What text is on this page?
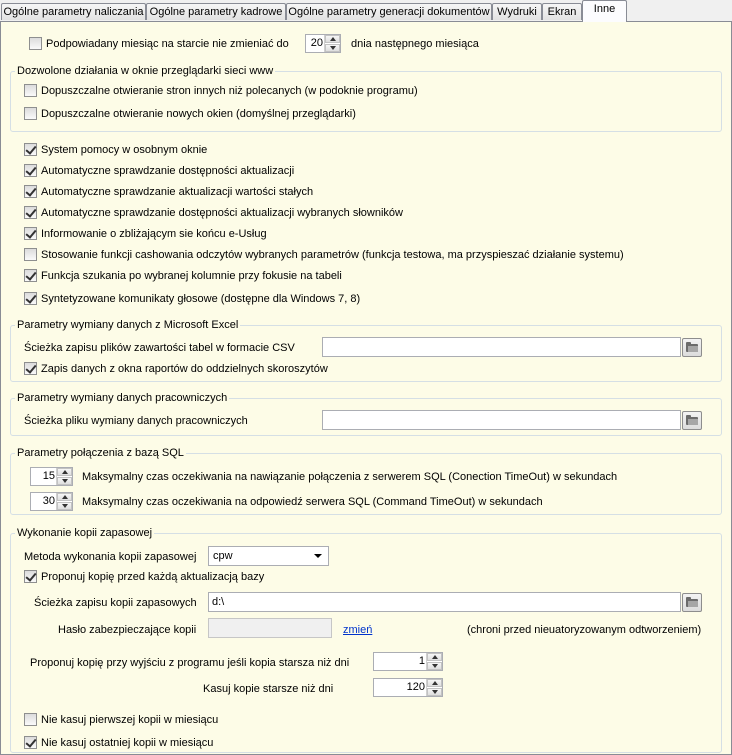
Ogólne parametry naliczania Ogólne parametry kadrowe Ogólne parametry generacji dokumentów Wydruki Ekran	Inne
Podpowiadany miesiąc na starcie nie zmieniać do 20	dnia następnego miesiąca
Dozwolone działania w oknie przeglądarki sieci www
Dopuszczalne otwieranie stron innych niż polecanych (w podoknie programu)
Dopuszczalne otwieranie nowych okien (domyślnej przeglądarki)
System pomocy w osobnym oknie
Automatyczne sprawdzanie dostępności aktualizacji
Automatyczne sprawdzanie aktualizacji wartości stałych
Automatyczne sprawdzanie dostępności aktualizacji wybranych słowników
Informowanie o zbliżającym sie końcu e-Usług
Stosowanie funkcji cashowania odczytów wybranych parametrów (funkcja testowa, ma przyspieszać działanie systemu)
Funkcja szukania po wybranej kolumnie przy fokusie na tabeli
Syntetyzowane komunikaty głosowe (dostępne dla Windows 7, 8)
Parametry wymiany danych z Microsoft Excel
Ścieżka zapisu plików zawartości tabel w formacie CSV
Zapis danych z okna raportów do oddzielnych skoroszytów
Parametry wymiany danych pracowniczych
Ścieżka pliku wymiany danych pracowniczych
Parametry połączenia z bazą SQL
15 Maksymalny czas oczekiwania na nawiązanie połączenia z serwerem SQL (Conection TimeOut) w sekundach
30 Maksymalny czas oczekiwania na odpowiedź serwera SQL (Command TimeOut) w sekundach
Wykonanie kopii zapasowej
Metoda wykonania kopii zapasowej	cpw
Proponuj kopię przed każdą aktualizacją bazy
Ścieżka zapisu kopii zapasowych	d:\
Hasło zabezpieczające kopii	zmień	(chroni przed nieuatoryzowanym odtworzeniem)
Proponuj kopię przy wyjściu z programu jeśli kopia starsza niż dni	1
Kasuj kopie starsze niż dni	120
Nie kasuj pierwszej kopii w miesiącu
Nie kasuj ostatniej kopii w miesiącu
